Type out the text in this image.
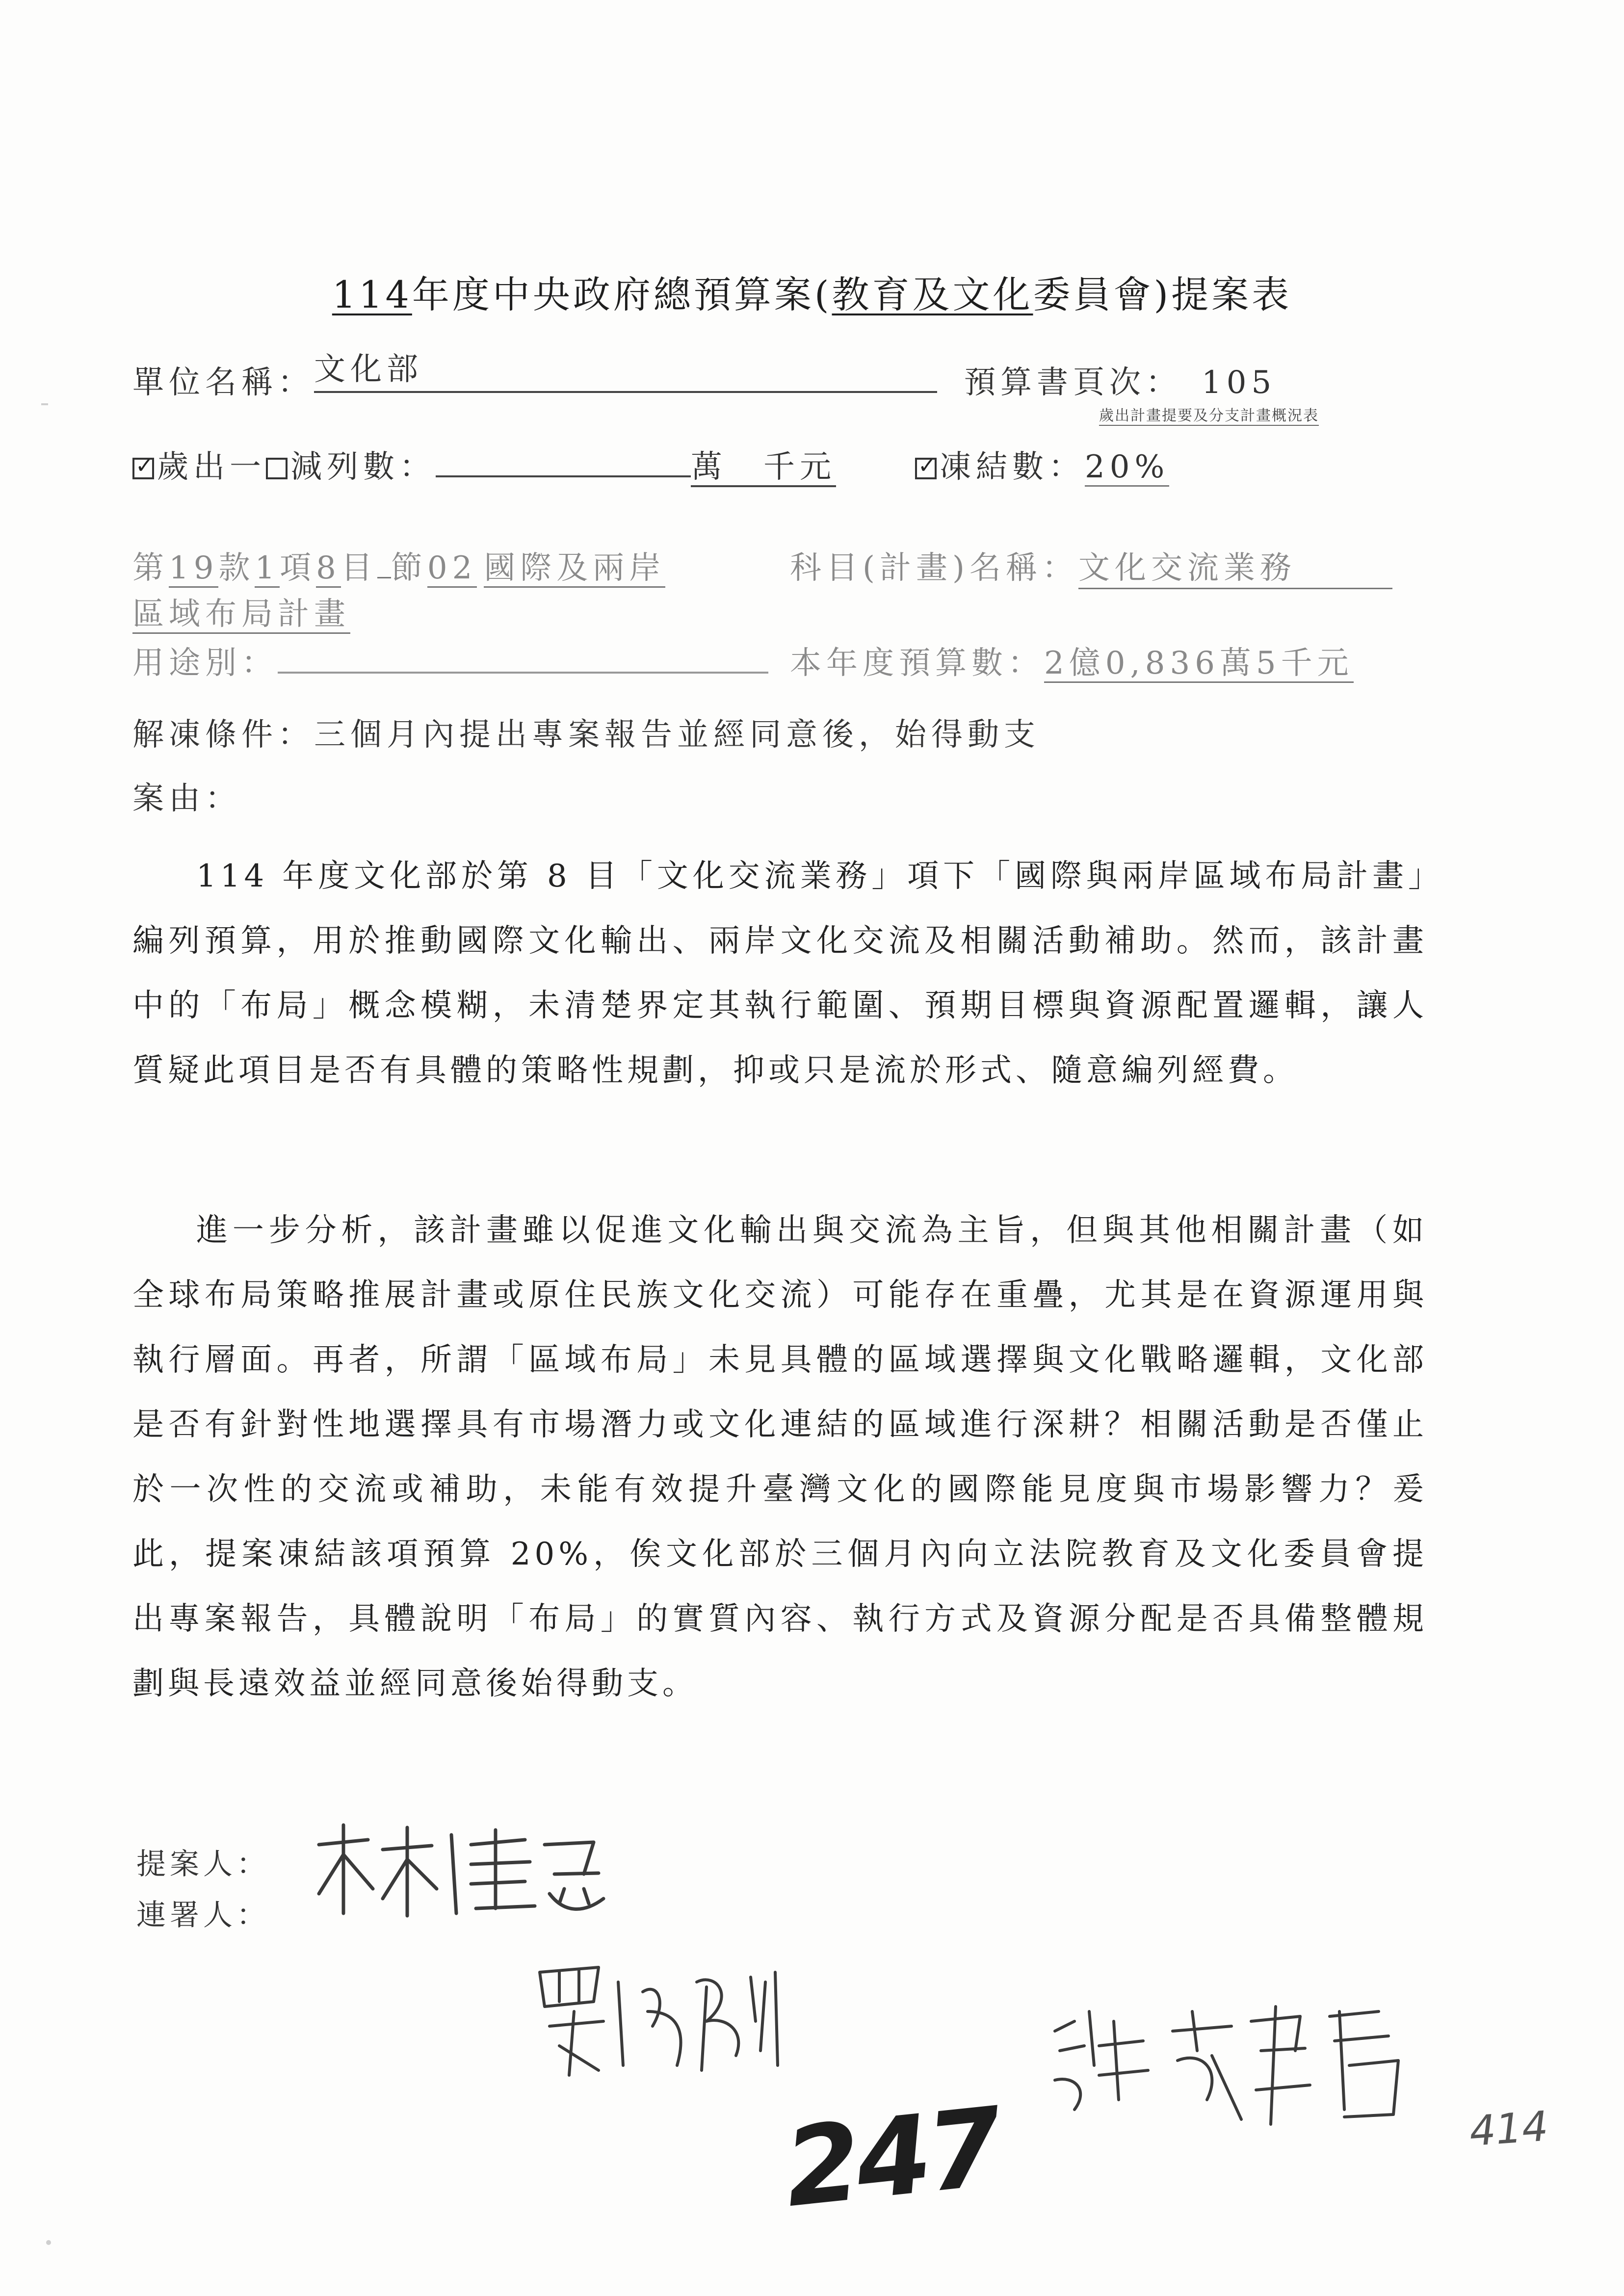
114年度中央政府總預算案(教育及文化委員會)提案表
單位名稱： 文化部	預算書頁次： 105
歲出計畫提要及分支計畫概況表
✓歲出一 減列數：	萬　千元
✓	凍結數：20%
第19款1項8目 節02 國際及兩岸
區域布局計畫
科目(計畫)名稱：文化交流業務
用途別：	本年度預算數：2億0,836萬5千元
解凍條件：三個月內提出專案報告並經同意後，始得動支
案由：
114 年度文化部於第 8 目「文化交流業務」項下「國際與兩岸區域布局計畫」編列預算，用於推動國際文化輸出、兩岸文化交流及相關活動補助。然而，該計畫中的「布局」概念模糊，未清楚界定其執行範圍、預期目標與資源配置邏輯，讓人質疑此項目是否有具體的策略性規劃，抑或只是流於形式、隨意編列經費。
進一步分析，該計畫雖以促進文化輸出與交流為主旨，但與其他相關計畫（如全球布局策略推展計畫或原住民族文化交流）可能存在重疊，尤其是在資源運用與執行層面。再者，所謂「區域布局」未見具體的區域選擇與文化戰略邏輯，文化部是否有針對性地選擇具有市場潛力或文化連結的區域進行深耕？相關活動是否僅止於一次性的交流或補助，未能有效提升臺灣文化的國際能見度與市場影響力？爰此，提案凍結該項預算 20%，俟文化部於三個月內向立法院教育及文化委員會提出專案報告，具體說明「布局」的實質內容、執行方式及資源分配是否具備整體規劃與長遠效益並經同意後始得動支。
提案人：
連署人：
247	414
